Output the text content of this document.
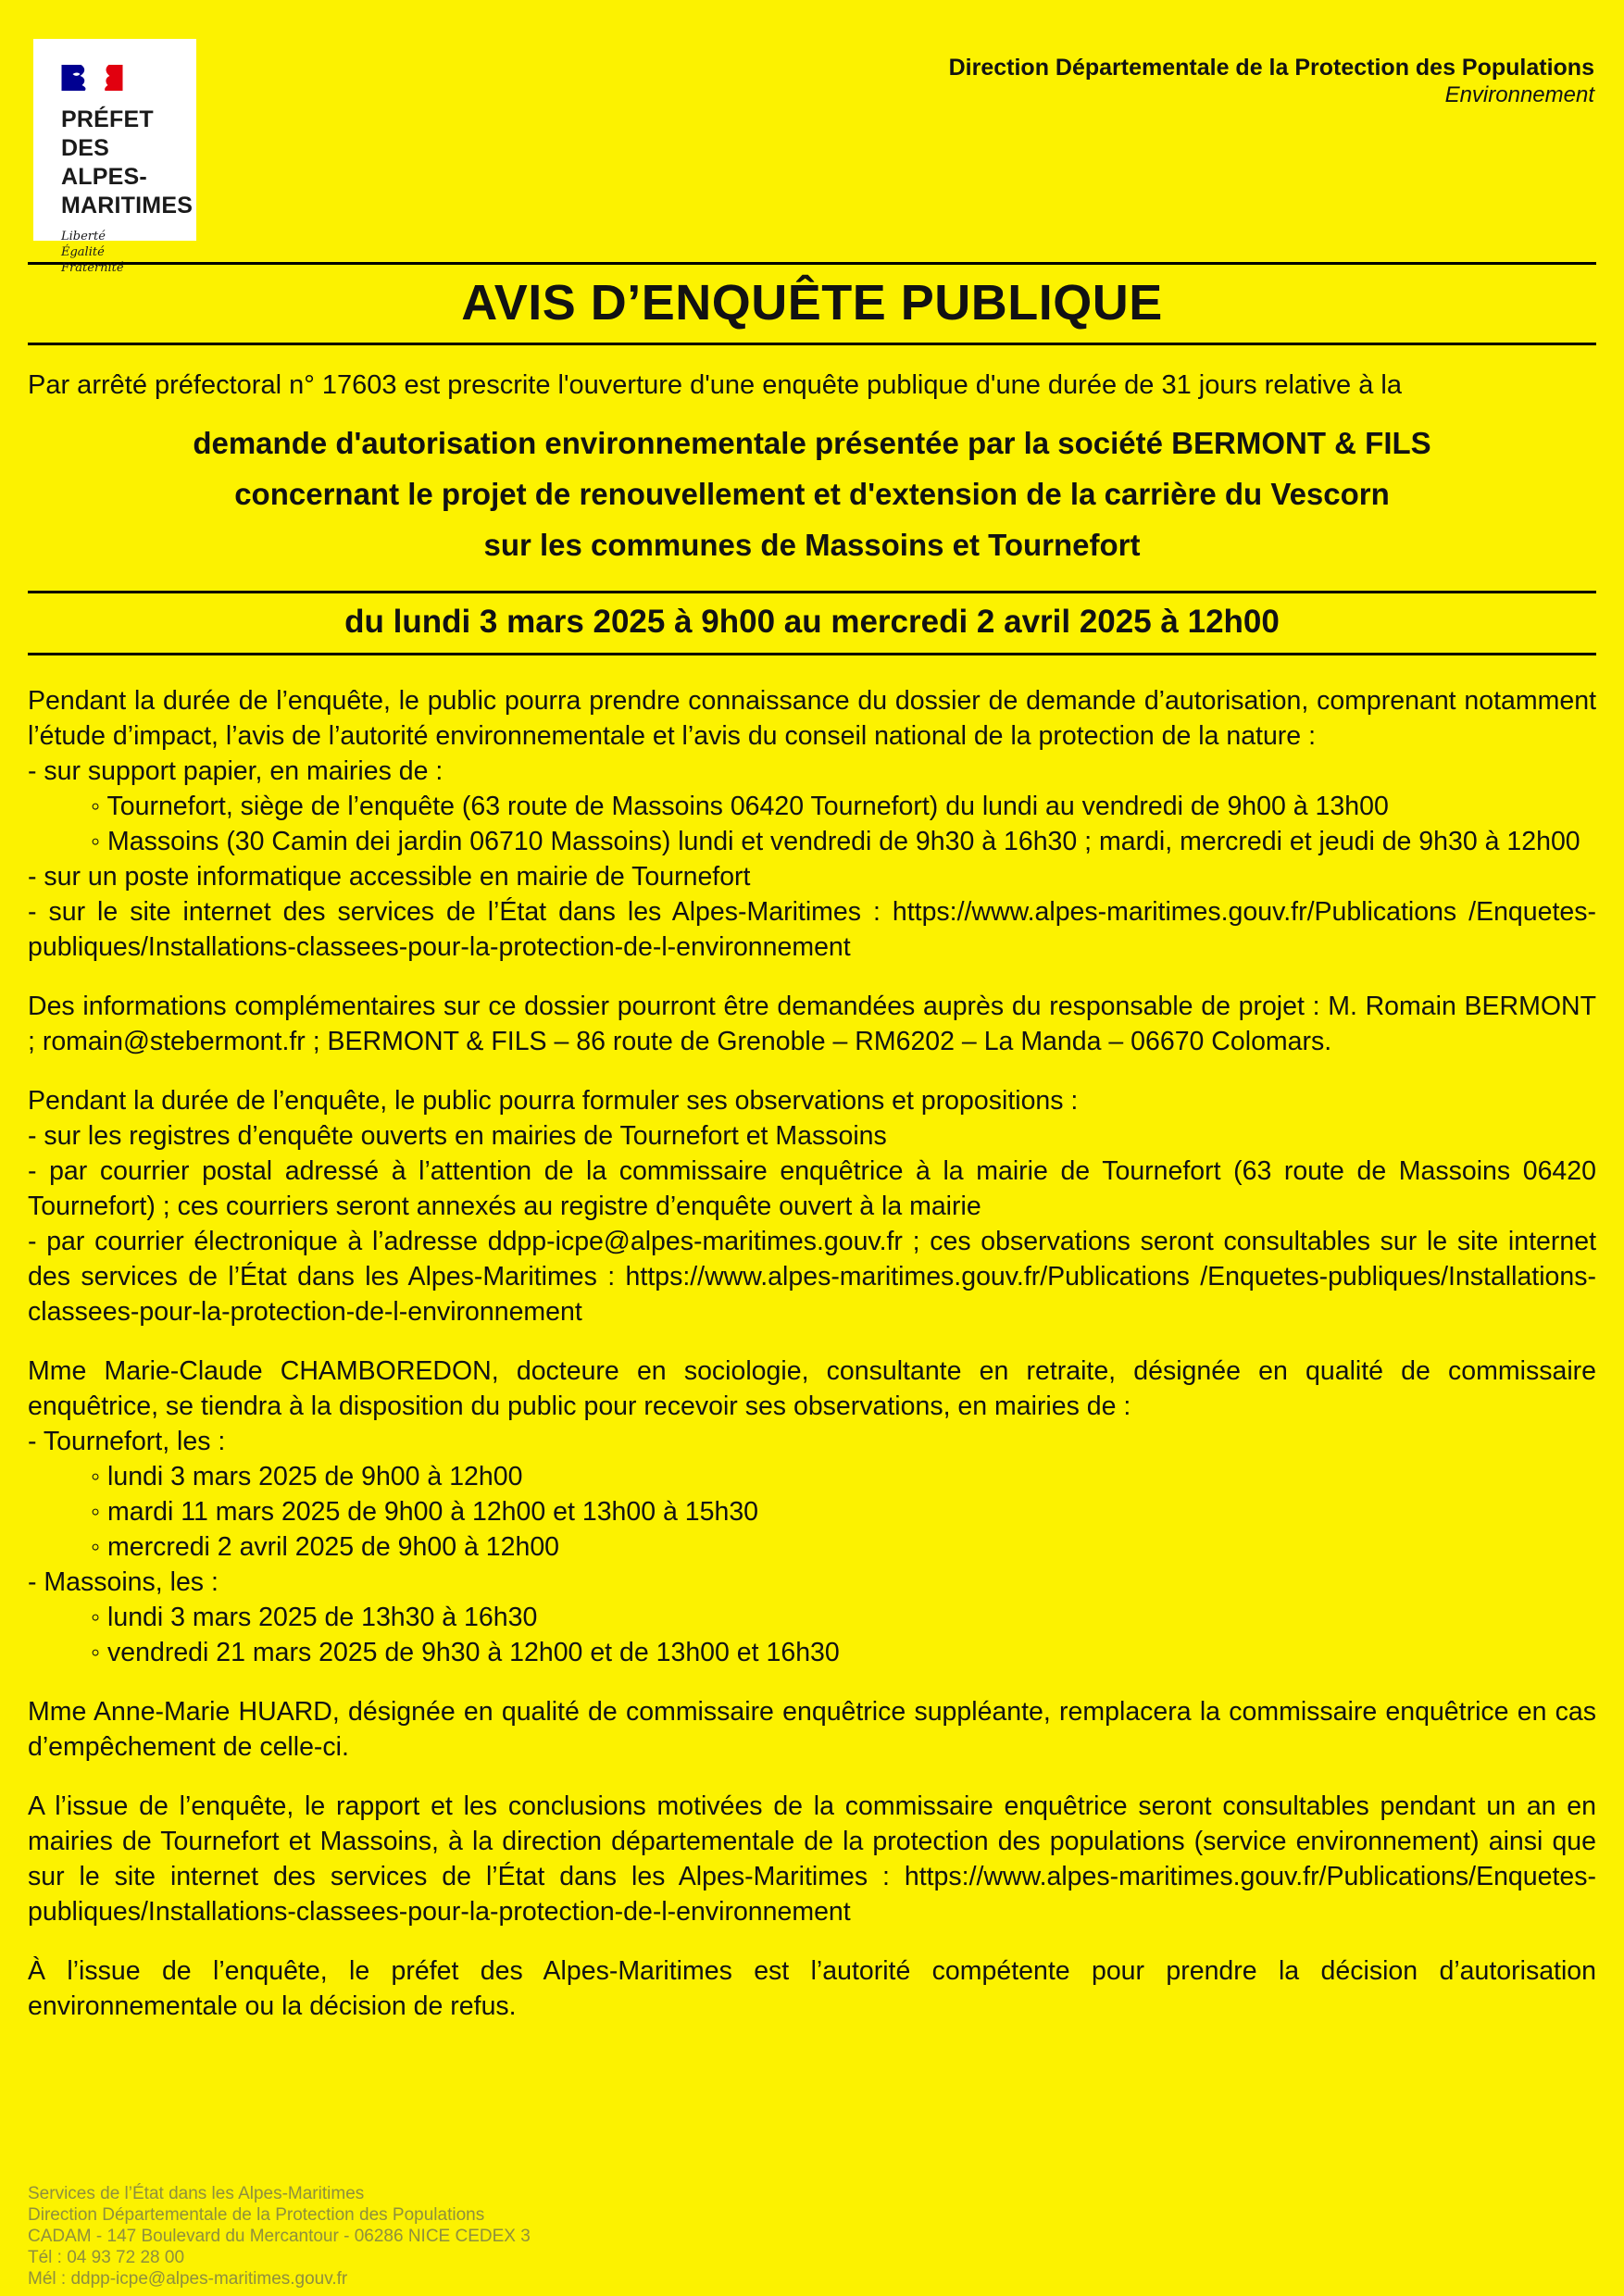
PRÉFET
DES ALPES-
MARITIMES
Liberté
Égalité
Fraternité
Direction Départementale de la Protection des Populations
Environnement
AVIS D’ENQUÊTE PUBLIQUE

Par arrêté préfectoral n° 17603 est prescrite l'ouverture d'une enquête publique d'une durée de 31 jours relative à la

demande d'autorisation environnementale présentée par la société BERMONT & FILS
concernant le projet de renouvellement et d'extension de la carrière du Vescorn
sur les communes de Massoins et Tournefort
du lundi 3 mars 2025 à 9h00 au mercredi 2 avril 2025 à 12h00

Pendant la durée de l’enquête, le public pourra prendre connaissance du dossier de demande d’autorisation, comprenant notamment l’étude d’impact, l’avis de l’autorité environnementale et l’avis du conseil national de la protection de la nature :

- sur support papier, en mairies de :

◦ Tournefort, siège de l’enquête (63 route de Massoins 06420 Tournefort) du lundi au vendredi de 9h00 à 13h00

◦ Massoins (30 Camin dei jardin 06710 Massoins) lundi et vendredi de 9h30 à 16h30 ; mardi, mercredi et jeudi de 9h30 à 12h00

- sur un poste informatique accessible en mairie de Tournefort

- sur le site internet des services de l’État dans les Alpes-Maritimes : https://www.alpes-maritimes.gouv.fr/Publications /Enquetes-publiques/Installations-classees-pour-la-protection-de-l-environnement

Des informations complémentaires sur ce dossier pourront être demandées auprès du responsable de projet : M. Romain BERMONT ; romain@stebermont.fr ; BERMONT & FILS – 86 route de Grenoble – RM6202 – La Manda – 06670 Colomars.

Pendant la durée de l’enquête, le public pourra formuler ses observations et propositions :

- sur les registres d’enquête ouverts en mairies de Tournefort et Massoins

- par courrier postal adressé à l’attention de la commissaire enquêtrice à la mairie de Tournefort (63 route de Massoins 06420 Tournefort) ; ces courriers seront annexés au registre d’enquête ouvert à la mairie

- par courrier électronique à l’adresse ddpp-icpe@alpes-maritimes.gouv.fr ; ces observations seront consultables sur le site internet des services de l’État dans les Alpes-Maritimes : https://www.alpes-maritimes.gouv.fr/Publications /Enquetes-publiques/Installations-classees-pour-la-protection-de-l-environnement

Mme Marie-Claude CHAMBOREDON, docteure en sociologie, consultante en retraite, désignée en qualité de commissaire enquêtrice, se tiendra à la disposition du public pour recevoir ses observations, en mairies de :

- Tournefort, les :

◦ lundi 3 mars 2025 de 9h00 à 12h00

◦ mardi 11 mars 2025 de 9h00 à 12h00 et 13h00 à 15h30

◦ mercredi 2 avril 2025 de 9h00 à 12h00

- Massoins, les :

◦ lundi 3 mars 2025 de 13h30 à 16h30

◦ vendredi 21 mars 2025 de 9h30 à 12h00 et de 13h00 et 16h30

Mme Anne-Marie HUARD, désignée en qualité de commissaire enquêtrice suppléante, remplacera la commissaire enquêtrice en cas d’empêchement de celle-ci.

A l’issue de l’enquête, le rapport et les conclusions motivées de la commissaire enquêtrice seront consultables pendant un an en mairies de Tournefort et Massoins, à la direction départementale de la protection des populations (service environnement) ainsi que sur le site internet des services de l’État dans les Alpes-Maritimes : https://www.alpes-maritimes.gouv.fr/Publications/Enquetes-publiques/Installations-classees-pour-la-protection-de-l-environnement

À l’issue de l’enquête, le préfet des Alpes-Maritimes est l’autorité compétente pour prendre la décision d’autorisation environnementale ou la décision de refus.

Services de l’État dans les Alpes-Maritimes
Direction Départementale de la Protection des Populations
CADAM - 147 Boulevard du Mercantour - 06286 NICE CEDEX 3
Tél : 04 93 72 28 00
Mél : ddpp-icpe@alpes-maritimes.gouv.fr
